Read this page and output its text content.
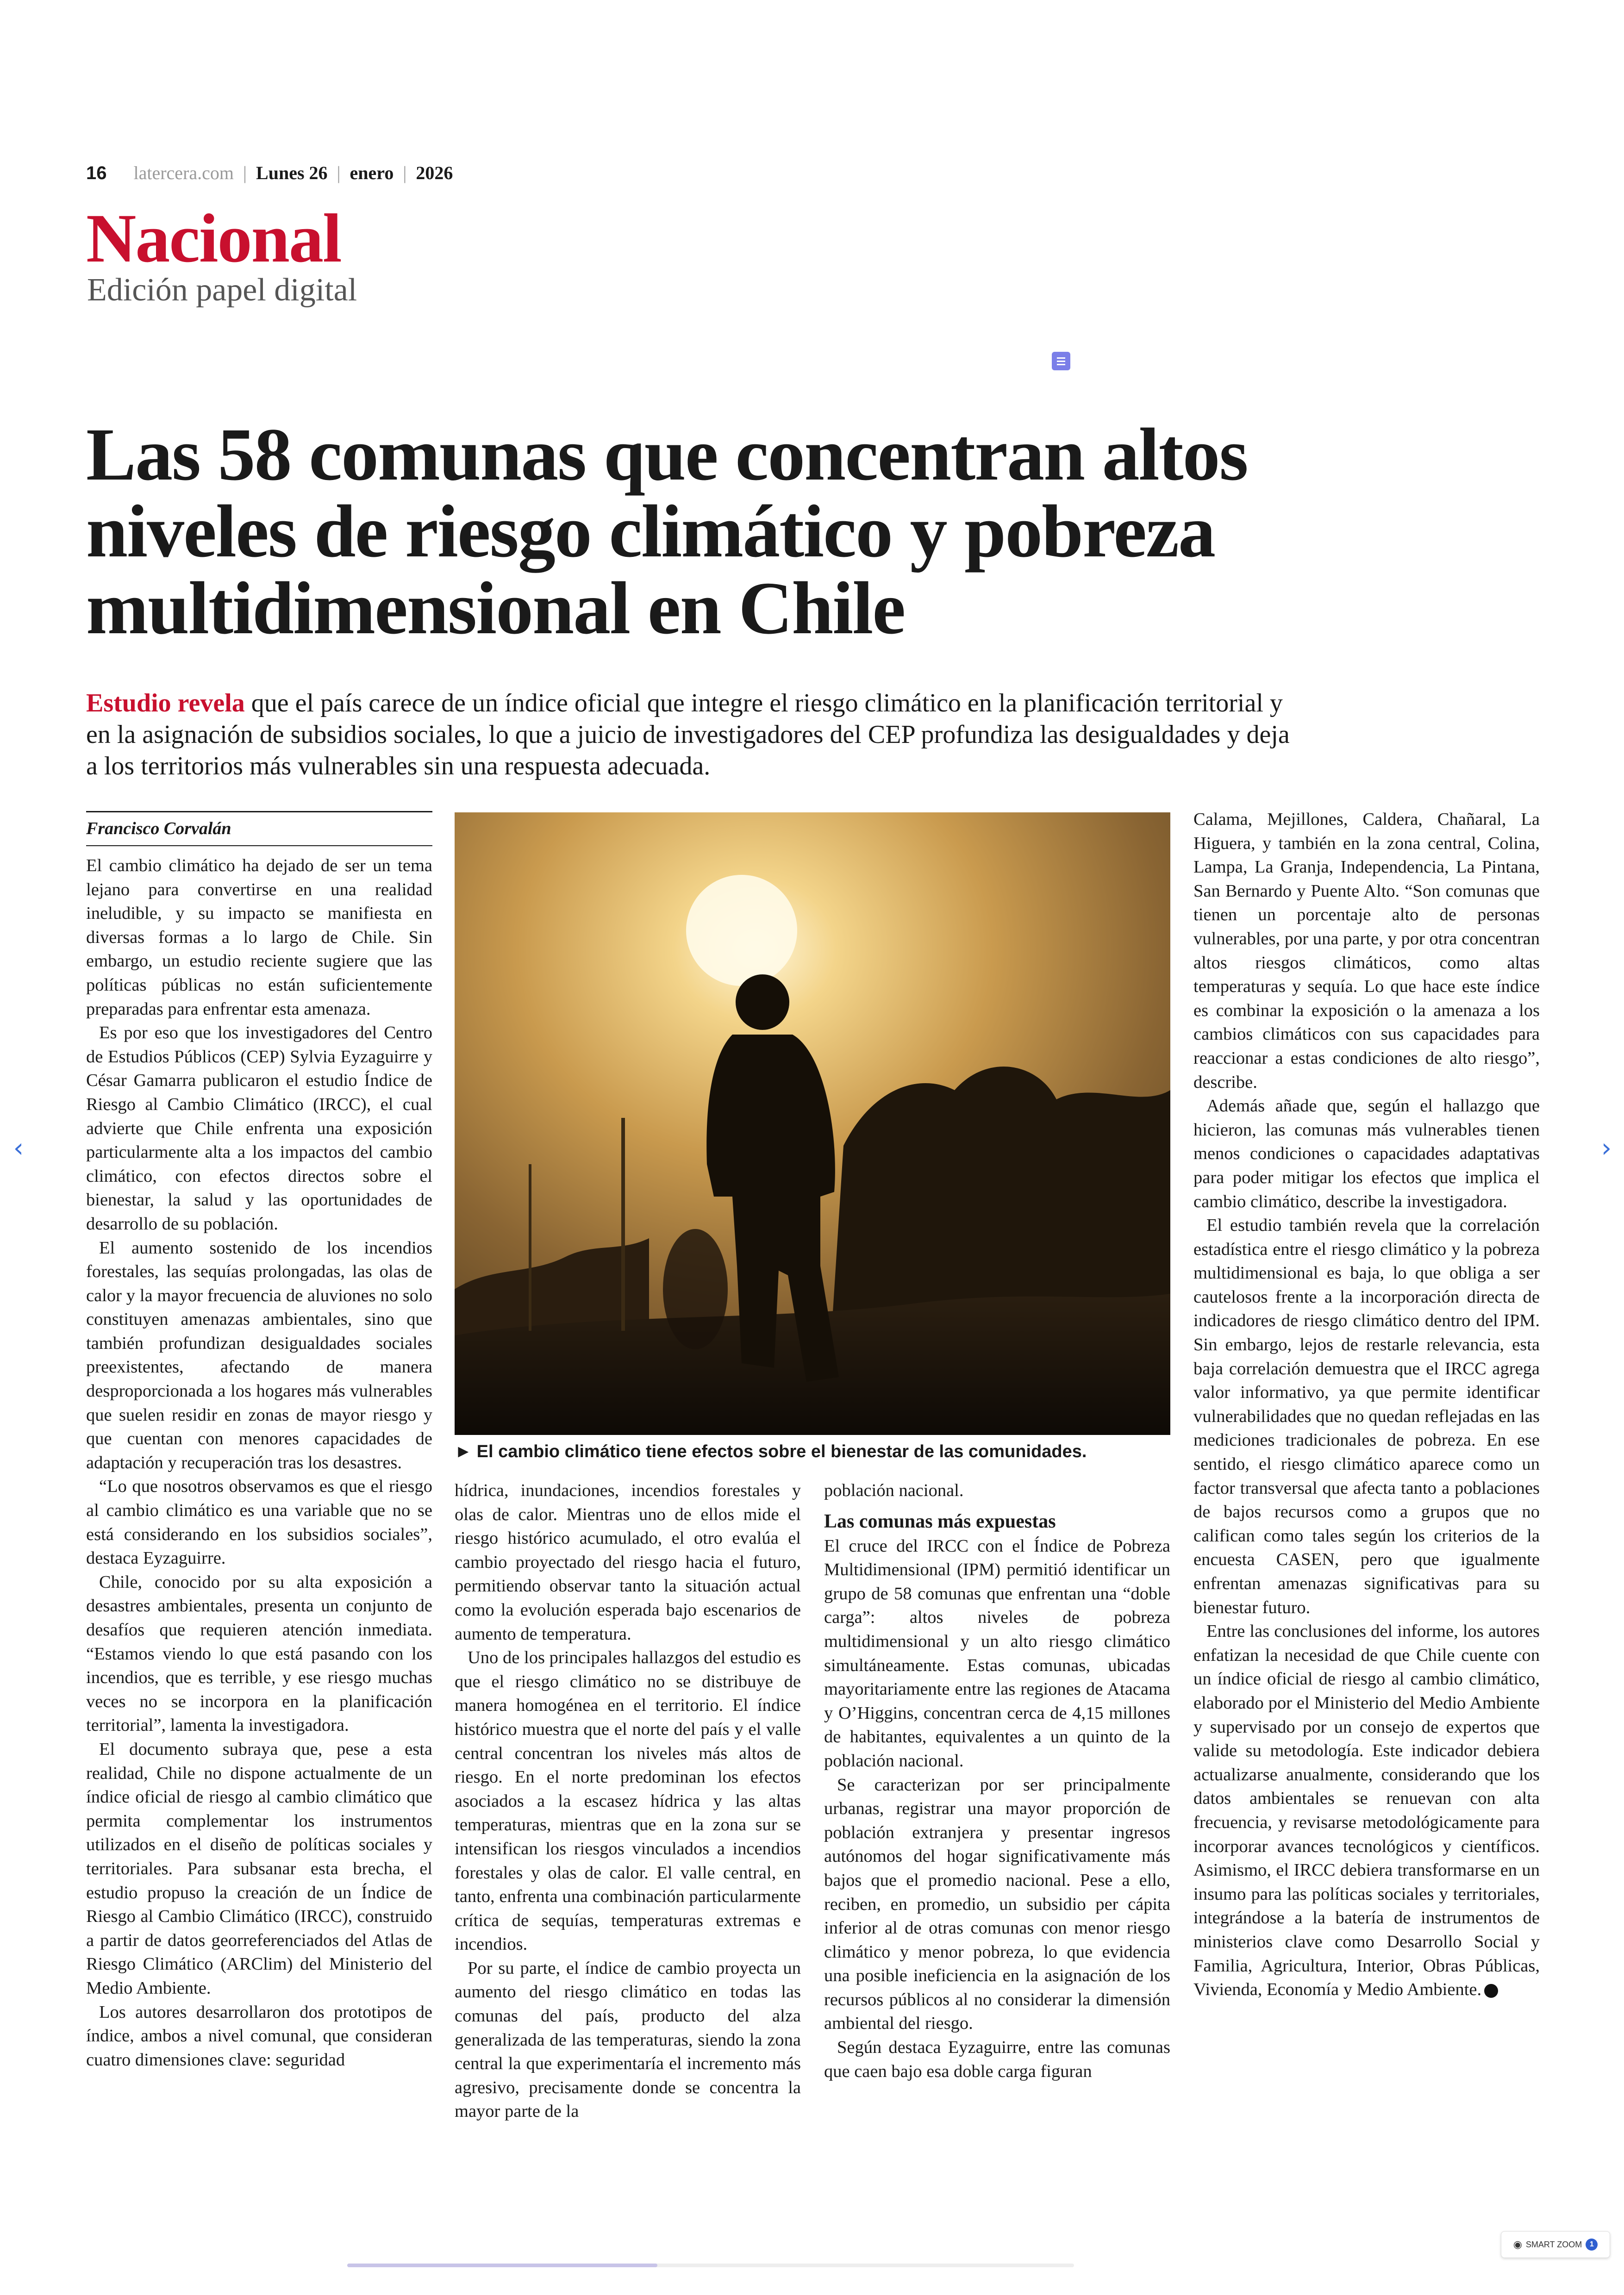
16 latercera.com | Lunes 26 | enero | 2026
Nacional
Edición papel digital
Las 58 comunas que concentran altos niveles de riesgo climático y pobreza multidimensional en Chile
Estudio revela que el país carece de un índice oficial que integre el riesgo climático en la planificación territorial y en la asignación de subsidios sociales, lo que a juicio de investigadores del CEP profundiza las desigualdades y deja a los territorios más vulnerables sin una respuesta adecuada.
Francisco Corvalán

El cambio climático ha dejado de ser un tema lejano para convertirse en una realidad ineludible, y su impacto se manifiesta en diversas formas a lo largo de Chile. Sin embargo, un estudio reciente sugiere que las políticas públicas no están suficientemente preparadas para enfrentar esta amenaza.

Es por eso que los investigadores del Centro de Estudios Públicos (CEP) Sylvia Eyzaguirre y César Gamarra publicaron el estudio Índice de Riesgo al Cambio Climático (IRCC), el cual advierte que Chile enfrenta una exposición particularmente alta a los impactos del cambio climático, con efectos directos sobre el bienestar, la salud y las oportunidades de desarrollo de su población.

El aumento sostenido de los incendios forestales, las sequías prolongadas, las olas de calor y la mayor frecuencia de aluviones no solo constituyen amenazas ambientales, sino que también profundizan desigualdades sociales preexistentes, afectando de manera desproporcionada a los hogares más vulnerables que suelen residir en zonas de mayor riesgo y que cuentan con menores capacidades de adaptación y recuperación tras los desastres.

“Lo que nosotros observamos es que el riesgo al cambio climático es una variable que no se está considerando en los subsidios sociales”, destaca Eyzaguirre.

Chile, conocido por su alta exposición a desastres ambientales, presenta un conjunto de desafíos que requieren atención inmediata. “Estamos viendo lo que está pasando con los incendios, que es terrible, y ese riesgo muchas veces no se incorpora en la planificación territorial”, lamenta la investigadora.

El documento subraya que, pese a esta realidad, Chile no dispone actualmente de un índice oficial de riesgo al cambio climático que permita complementar los instrumentos utilizados en el diseño de políticas sociales y territoriales. Para subsanar esta brecha, el estudio propuso la creación de un Índice de Riesgo al Cambio Climático (IRCC), construido a partir de datos georreferenciados del Atlas de Riesgo Climático (ARClim) del Ministerio del Medio Ambiente.

Los autores desarrollaron dos prototipos de índice, ambos a nivel comunal, que consideran cuatro dimensiones clave: seguridad

► El cambio climático tiene efectos sobre el bienestar de las comunidades.

hídrica, inundaciones, incendios forestales y olas de calor. Mientras uno de ellos mide el riesgo histórico acumulado, el otro evalúa el cambio proyectado del riesgo hacia el futuro, permitiendo observar tanto la situación actual como la evolución esperada bajo escenarios de aumento de temperatura.

Uno de los principales hallazgos del estudio es que el riesgo climático no se distribuye de manera homogénea en el territorio. El índice histórico muestra que el norte del país y el valle central concentran los niveles más altos de riesgo. En el norte predominan los efectos asociados a la escasez hídrica y las altas temperaturas, mientras que en la zona sur se intensifican los riesgos vinculados a incendios forestales y olas de calor. El valle central, en tanto, enfrenta una combinación particularmente crítica de sequías, temperaturas extremas e incendios.

Por su parte, el índice de cambio proyecta un aumento del riesgo climático en todas las comunas del país, producto del alza generalizada de las temperaturas, siendo la zona central la que experimentaría el incremento más agresivo, precisamente donde se concentra la mayor parte de la

población nacional.

Las comunas más expuestas

El cruce del IRCC con el Índice de Pobreza Multidimensional (IPM) permitió identificar un grupo de 58 comunas que enfrentan una “doble carga”: altos niveles de pobreza multidimensional y un alto riesgo climático simultáneamente. Estas comunas, ubicadas mayoritariamente entre las regiones de Atacama y O’Higgins, concentran cerca de 4,15 millones de habitantes, equivalentes a un quinto de la población nacional.

Se caracterizan por ser principalmente urbanas, registrar una mayor proporción de población extranjera y presentar ingresos autónomos del hogar significativamente más bajos que el promedio nacional. Pese a ello, reciben, en promedio, un subsidio per cápita inferior al de otras comunas con menor riesgo climático y menor pobreza, lo que evidencia una posible ineficiencia en la asignación de los recursos públicos al no considerar la dimensión ambiental del riesgo.

Según destaca Eyzaguirre, entre las comunas que caen bajo esa doble carga figuran

Calama, Mejillones, Caldera, Chañaral, La Higuera, y también en la zona central, Colina, Lampa, La Granja, Independencia, La Pintana, San Bernardo y Puente Alto. “Son comunas que tienen un porcentaje alto de personas vulnerables, por una parte, y por otra concentran altos riesgos climáticos, como altas temperaturas y sequía. Lo que hace este índice es combinar la exposición o la amenaza a los cambios climáticos con sus capacidades para reaccionar a estas condiciones de alto riesgo”, describe.

Además añade que, según el hallazgo que hicieron, las comunas más vulnerables tienen menos condiciones o capacidades adaptativas para poder mitigar los efectos que implica el cambio climático, describe la investigadora.

El estudio también revela que la correlación estadística entre el riesgo climático y la pobreza multidimensional es baja, lo que obliga a ser cautelosos frente a la incorporación directa de indicadores de riesgo climático dentro del IPM. Sin embargo, lejos de restarle relevancia, esta baja correlación demuestra que el IRCC agrega valor informativo, ya que permite identificar vulnerabilidades que no quedan reflejadas en las mediciones tradicionales de pobreza. En ese sentido, el riesgo climático aparece como un factor transversal que afecta tanto a poblaciones de bajos recursos como a grupos que no califican como tales según los criterios de la encuesta CASEN, pero que igualmente enfrentan amenazas significativas para su bienestar futuro.

Entre las conclusiones del informe, los autores enfatizan la necesidad de que Chile cuente con un índice oficial de riesgo al cambio climático, elaborado por el Ministerio del Medio Ambiente y supervisado por un consejo de expertos que valide su metodología. Este indicador debiera actualizarse anualmente, considerando que los datos ambientales se renuevan con alta frecuencia, y revisarse metodológicamente para incorporar avances tecnológicos y científicos. Asimismo, el IRCC debiera transformarse en un insumo para las políticas sociales y territoriales, integrándose a la batería de instrumentos de ministerios clave como Desarrollo Social y Familia, Agricultura, Interior, Obras Públicas, Vivienda, Economía y Medio Ambiente.

‹	›
◉ SMART ZOOM	1
